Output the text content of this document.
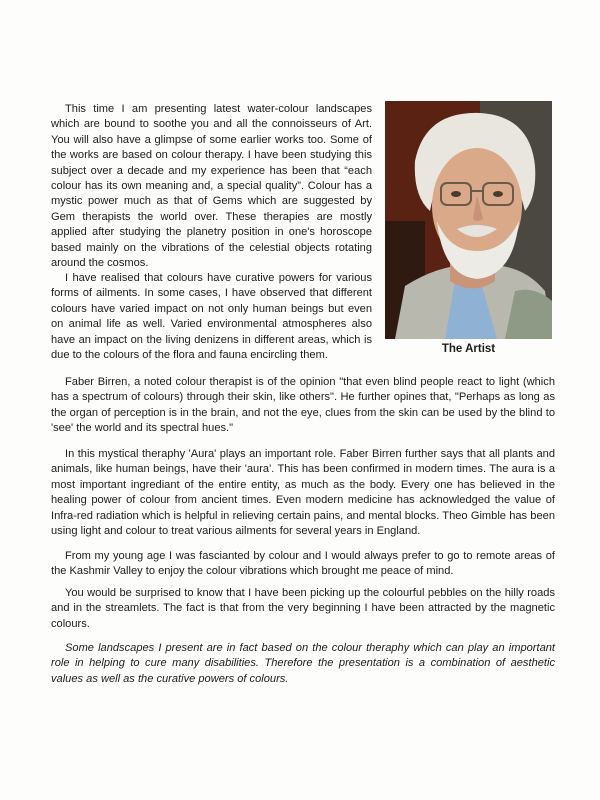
This time I am presenting latest water-colour landscapes which are bound to soothe you and all the connoisseurs of Art. You will also have a glimpse of some earlier works too. Some of the works are based on colour therapy. I have been studying this subject over a decade and my experience has been that “each colour has its own meaning and, a special quality”. Colour has a mystic power much as that of Gems which are suggested by Gem therapists the world over. These therapies are mostly applied after studying the planetry position in one's horoscope based mainly on the vibrations of the celestial objects rotating around the cosmos.

I have realised that colours have curative powers for various forms of ailments. In some cases, I have observed that different colours have varied impact on not only human beings but even on animal life as well. Varied environmental atmospheres also have an impact on the living denizens in different areas, which is due to the colours of the flora and fauna encircling them.

The Artist

Faber Birren, a noted colour therapist is of the opinion "that even blind people react to light (which has a spectrum of colours) through their skin, like others". He further opines that, "Perhaps as long as the organ of perception is in the brain, and not the eye, clues from the skin can be used by the blind to 'see' the world and its spectral hues."

In this mystical theraphy 'Aura' plays an important role. Faber Birren further says that all plants and animals, like human beings, have their 'aura'. This has been confirmed in modern times. The aura is a most important ingrediant of the entire entity, as much as the body. Every one has believed in the healing power of colour from ancient times. Even modern medicine has acknowledged the value of Infra-red radiation which is helpful in relieving certain pains, and mental blocks. Theo Gimble has been using light and colour to treat various ailments for several years in England.

From my young age I was fascianted by colour and I would always prefer to go to remote areas of the Kashmir Valley to enjoy the colour vibrations which brought me peace of mind.

You would be surprised to know that I have been picking up the colourful pebbles on the hilly roads and in the streamlets. The fact is that from the very beginning I have been attracted by the magnetic colours.

Some landscapes I present are in fact based on the colour theraphy which can play an important role in helping to cure many disabilities. Therefore the presentation is a combination of aesthetic values as well as the curative powers of colours.
